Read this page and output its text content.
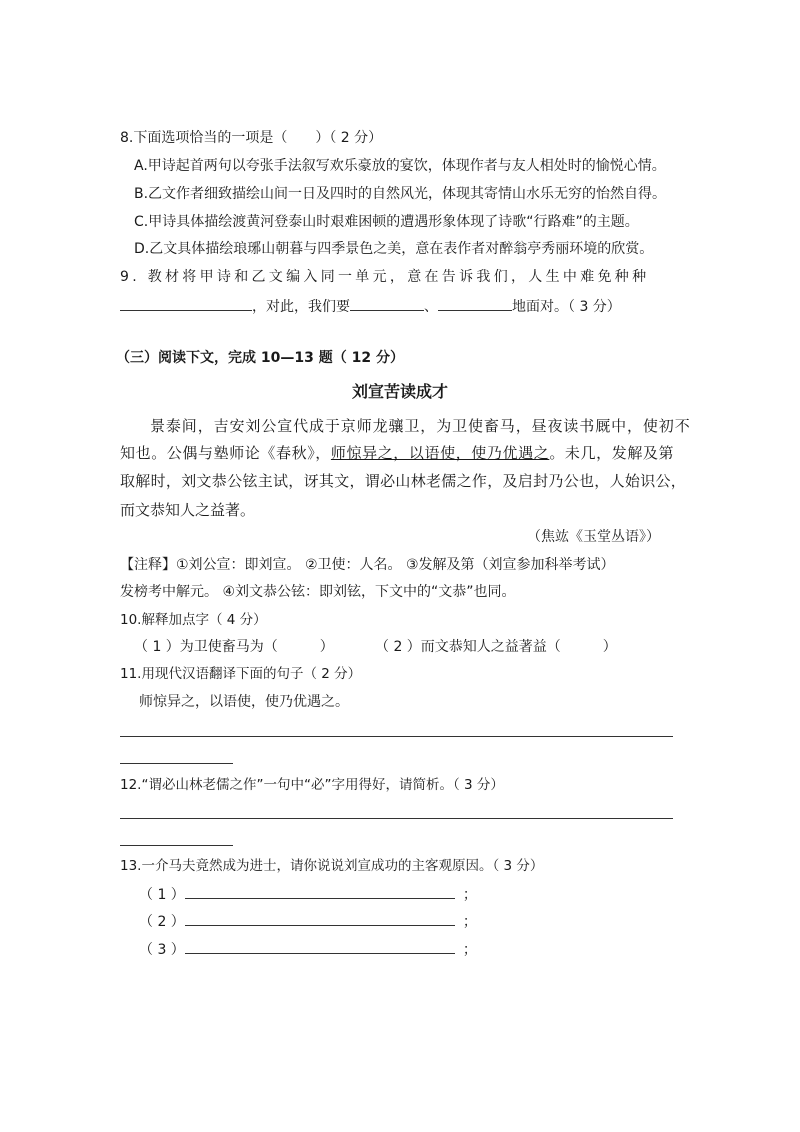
8.下面选项恰当的一项是（　　）（ 2 分）
A.甲诗起首两句以夸张手法叙写欢乐豪放的宴饮，体现作者与友人相处时的愉悦心情。
B.乙文作者细致描绘山间一日及四时的自然风光，体现其寄情山水乐无穷的怡然自得。
C.甲诗具体描绘渡黄河登泰山时艰难困顿的遭遇形象体现了诗歌“行路难”的主题。
D.乙文具体描绘琅琊山朝暮与四季景色之美，意在表作者对醉翁亭秀丽环境的欣赏。
9. 教材将甲诗和乙文编入同一单元，意在告诉我们，人生中难免种种
，对此，我们要	、	地面对。（ 3 分）
（三）阅读下文，完成 10—13 题（ 12 分）
刘宣苦读成才
景泰间，吉安刘公宣代成于京师龙骧卫，为卫使畜马，昼夜读书厩中，使初不
知也。公偶与塾师论《春秋》，师惊异之，以语使，使乃优遇之。未几，发解及第
取解时，刘文恭公铉主试，讶其文，谓必山林老儒之作，及启封乃公也，人始识公，
而文恭知人之益著。
（焦竑《玉堂丛语》）
【注释】①刘公宣：即刘宣。 ②卫使：人名。 ③发解及第（刘宣参加科举考试）
发榜考中解元。 ④刘文恭公铉：即刘铉，下文中的“文恭”也同。
10.解释加点字（ 4 分）
（ 1 ）为卫使畜马为（　　　）	（ 2 ）而文恭知人之益著益（　　　）
11.用现代汉语翻译下面的句子（ 2 分）
师惊异之，以语使，使乃优遇之。
12.“谓必山林老儒之作”一句中“必”字用得好，请简析。（ 3 分）
13.一介马夫竟然成为进士，请你说说刘宣成功的主客观原因。（ 3 分）
（ 1 ）	；
（ 2 ）	；
（ 3 ）	；
